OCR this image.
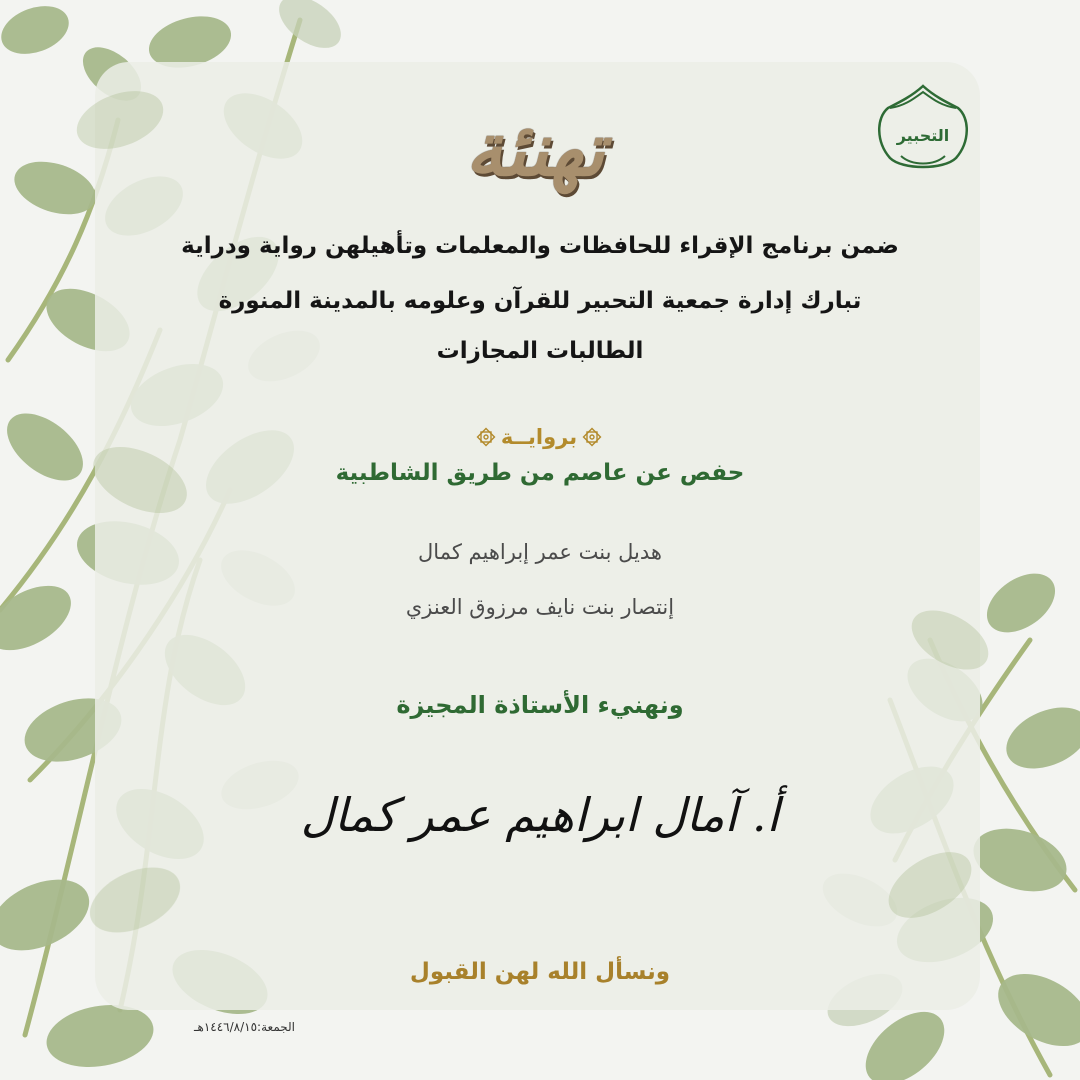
التحبير
تهنئة
ضمن برنامج الإقراء للحافظات والمعلمات وتأهيلهن رواية ودراية
تبارك إدارة جمعية التحبير للقرآن وعلومه بالمدينة المنورة
الطالبات المجازات
بروايــة
حفص عن عاصم من طريق الشاطبية
هديل بنت عمر إبراهيم كمال
إنتصار بنت نايف مرزوق العنزي
ونهنيء الأستاذة المجيزة
أ. آمال ابراهيم عمر كمال
ونسأل الله لهن القبول
الجمعة:١٤٤٦/٨/١٥هـ
